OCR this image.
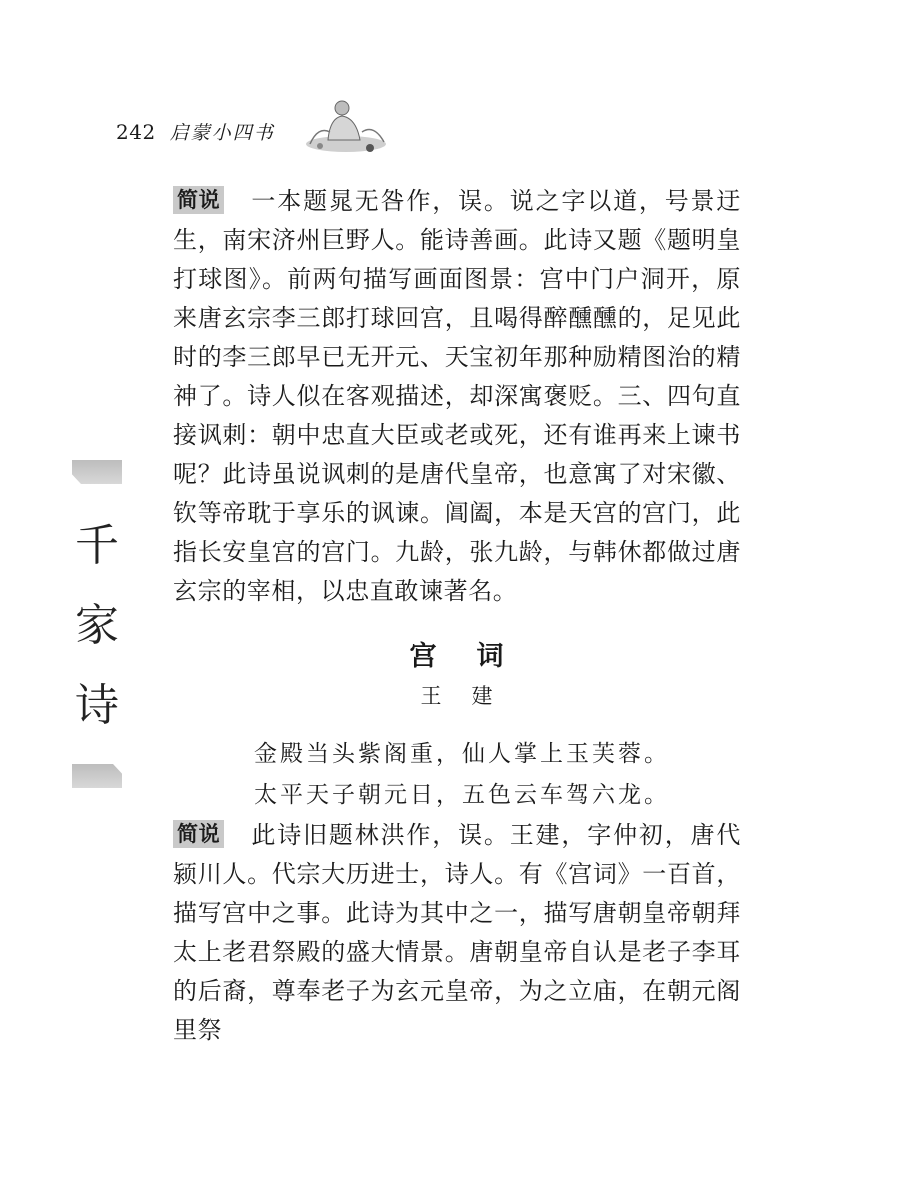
242 启蒙小四书
千
家
诗

简说 一本题晁无咎作，误。说之字以道，号景迂生，南宋济州巨野人。能诗善画。此诗又题《题明皇打球图》。前两句描写画面图景：宫中门户洞开，原来唐玄宗李三郎打球回宫，且喝得醉醺醺的，足见此时的李三郎早已无开元、天宝初年那种励精图治的精神了。诗人似在客观描述，却深寓褒贬。三、四句直接讽刺：朝中忠直大臣或老或死，还有谁再来上谏书呢？此诗虽说讽刺的是唐代皇帝，也意寓了对宋徽、钦等帝耽于享乐的讽谏。阊阖，本是天宫的宫门，此指长安皇宫的宫门。九龄，张九龄，与韩休都做过唐玄宗的宰相，以忠直敢谏著名。

宫词
王建
金殿当头紫阁重，仙人掌上玉芙蓉。
太平天子朝元日，五色云车驾六龙。

简说 此诗旧题林洪作，误。王建，字仲初，唐代颍川人。代宗大历进士，诗人。有《宫词》一百首，描写宫中之事。此诗为其中之一，描写唐朝皇帝朝拜太上老君祭殿的盛大情景。唐朝皇帝自认是老子李耳的后裔，尊奉老子为玄元皇帝，为之立庙，在朝元阁里祭
